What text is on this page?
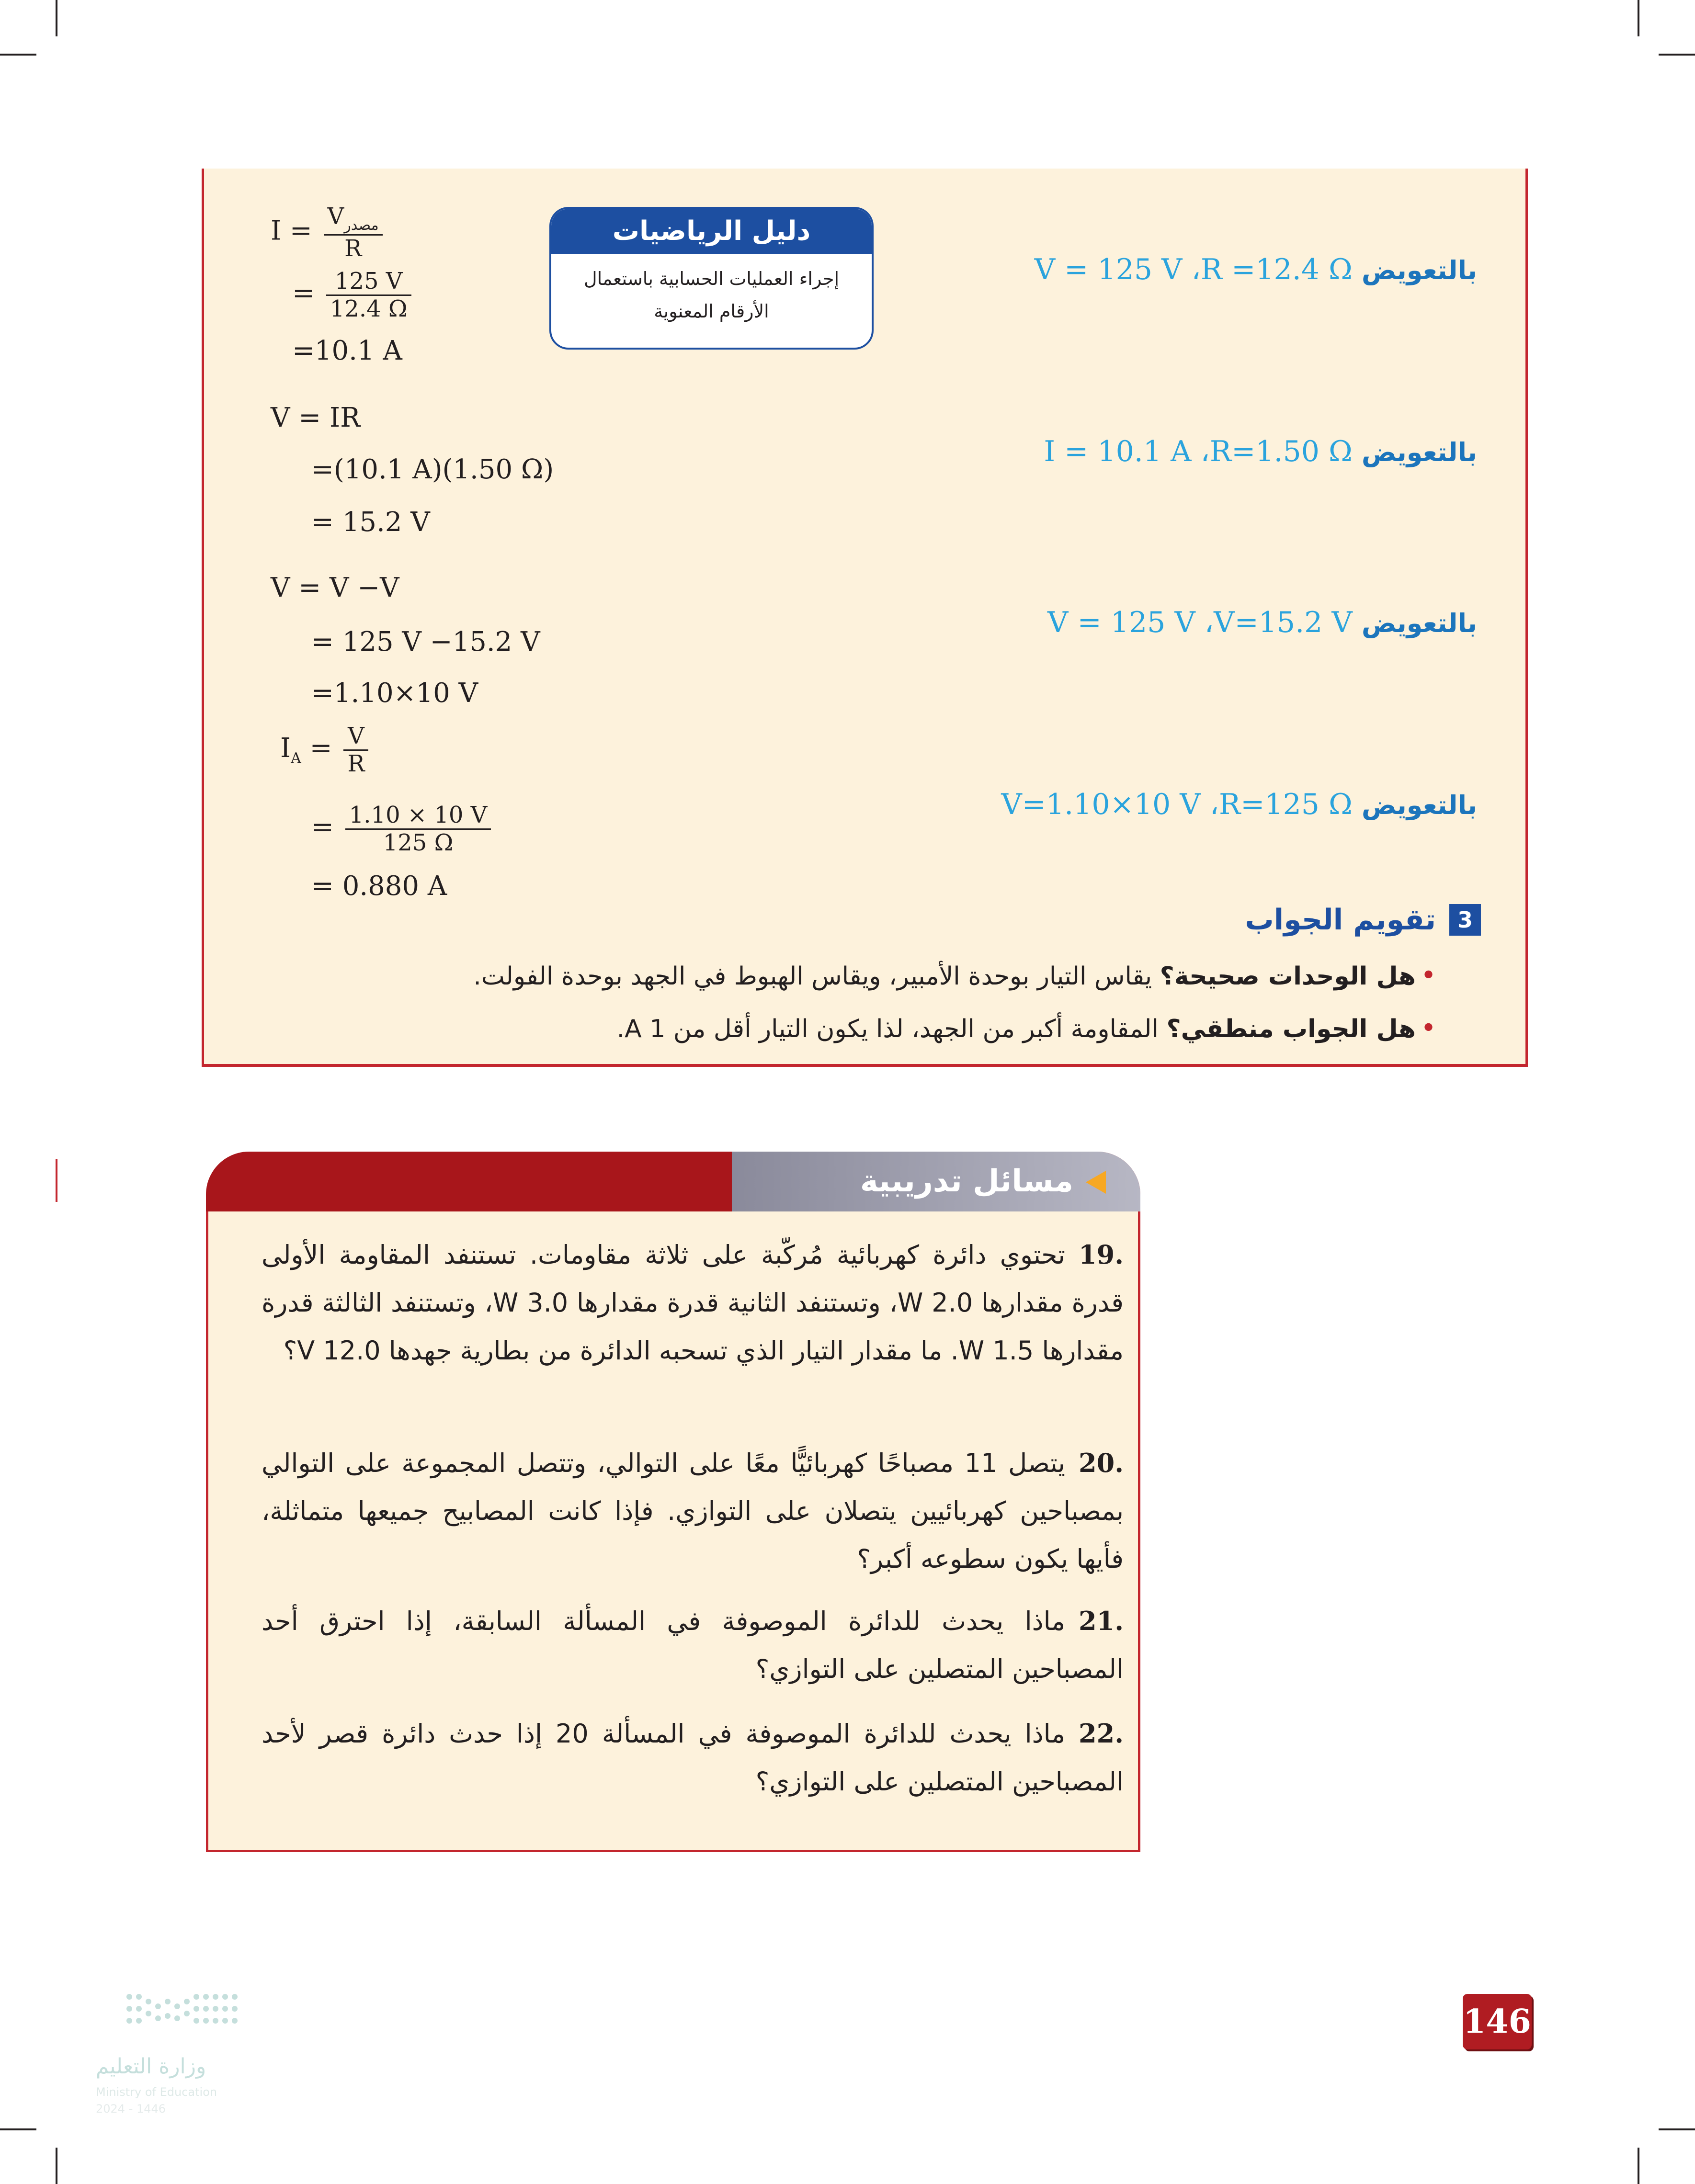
دليل الرياضيات
إجراء العمليات الحسابية باستعمال
الأرقام المعنوية
$I = \frac{V_{مصدر}}{R}$
= $\frac{125 V}{12.4 \Omega}$
=10.1 A
بالتعويض V = 125 V ،R =12.4 Ω
V = IR
=(10.1 A)(1.50 Ω)
= 15.2 V
بالتعويض I = 10.1 A ،R=1.50 Ω
V = V −V
= 125 V −15.2 V
=1.10×10 V
بالتعويض V = 125 V ،V=15.2 V
$I_A = \frac{V}{R}$
= $\frac{1.10 \times 10 V}{125 \Omega}$
= 0.880 A
بالتعويض V=1.10×10 V ،R=125 Ω
3
تقويم الجواب
•هل الوحدات صحيحة؟ يقاس التيار بوحدة الأمبير، ويقاس الهبوط في الجهد بوحدة الفولت.
•هل الجواب منطقي؟ المقاومة أكبر من الجهد، لذا يكون التيار أقل من 1 A.
مسائل تدريبية
.19تحتوي دائرة كهربائية مُركّبة على ثلاثة مقاومات. تستنفد المقاومة الأولى قدرة مقدارها 2.0 W، وتستنفد الثانية قدرة مقدارها 3.0 W، وتستنفد الثالثة قدرة مقدارها 1.5 W. ما مقدار التيار الذي تسحبه الدائرة من بطارية جهدها 12.0 V؟
.20يتصل 11 مصباحًا كهربائيًّا معًا على التوالي، وتتصل المجموعة على التوالي بمصباحين كهربائيين يتصلان على التوازي. فإذا كانت المصابيح جميعها متماثلة، فأيها يكون سطوعه أكبر؟
.21ماذا يحدث للدائرة الموصوفة في المسألة السابقة، إذا احترق أحد المصباحين المتصلين على التوازي؟
.22ماذا يحدث للدائرة الموصوفة في المسألة 20 إذا حدث دائرة قصر لأحد المصباحين المتصلين على التوازي؟
146
وزارة التعليم
Ministry of Education
2024 - 1446
